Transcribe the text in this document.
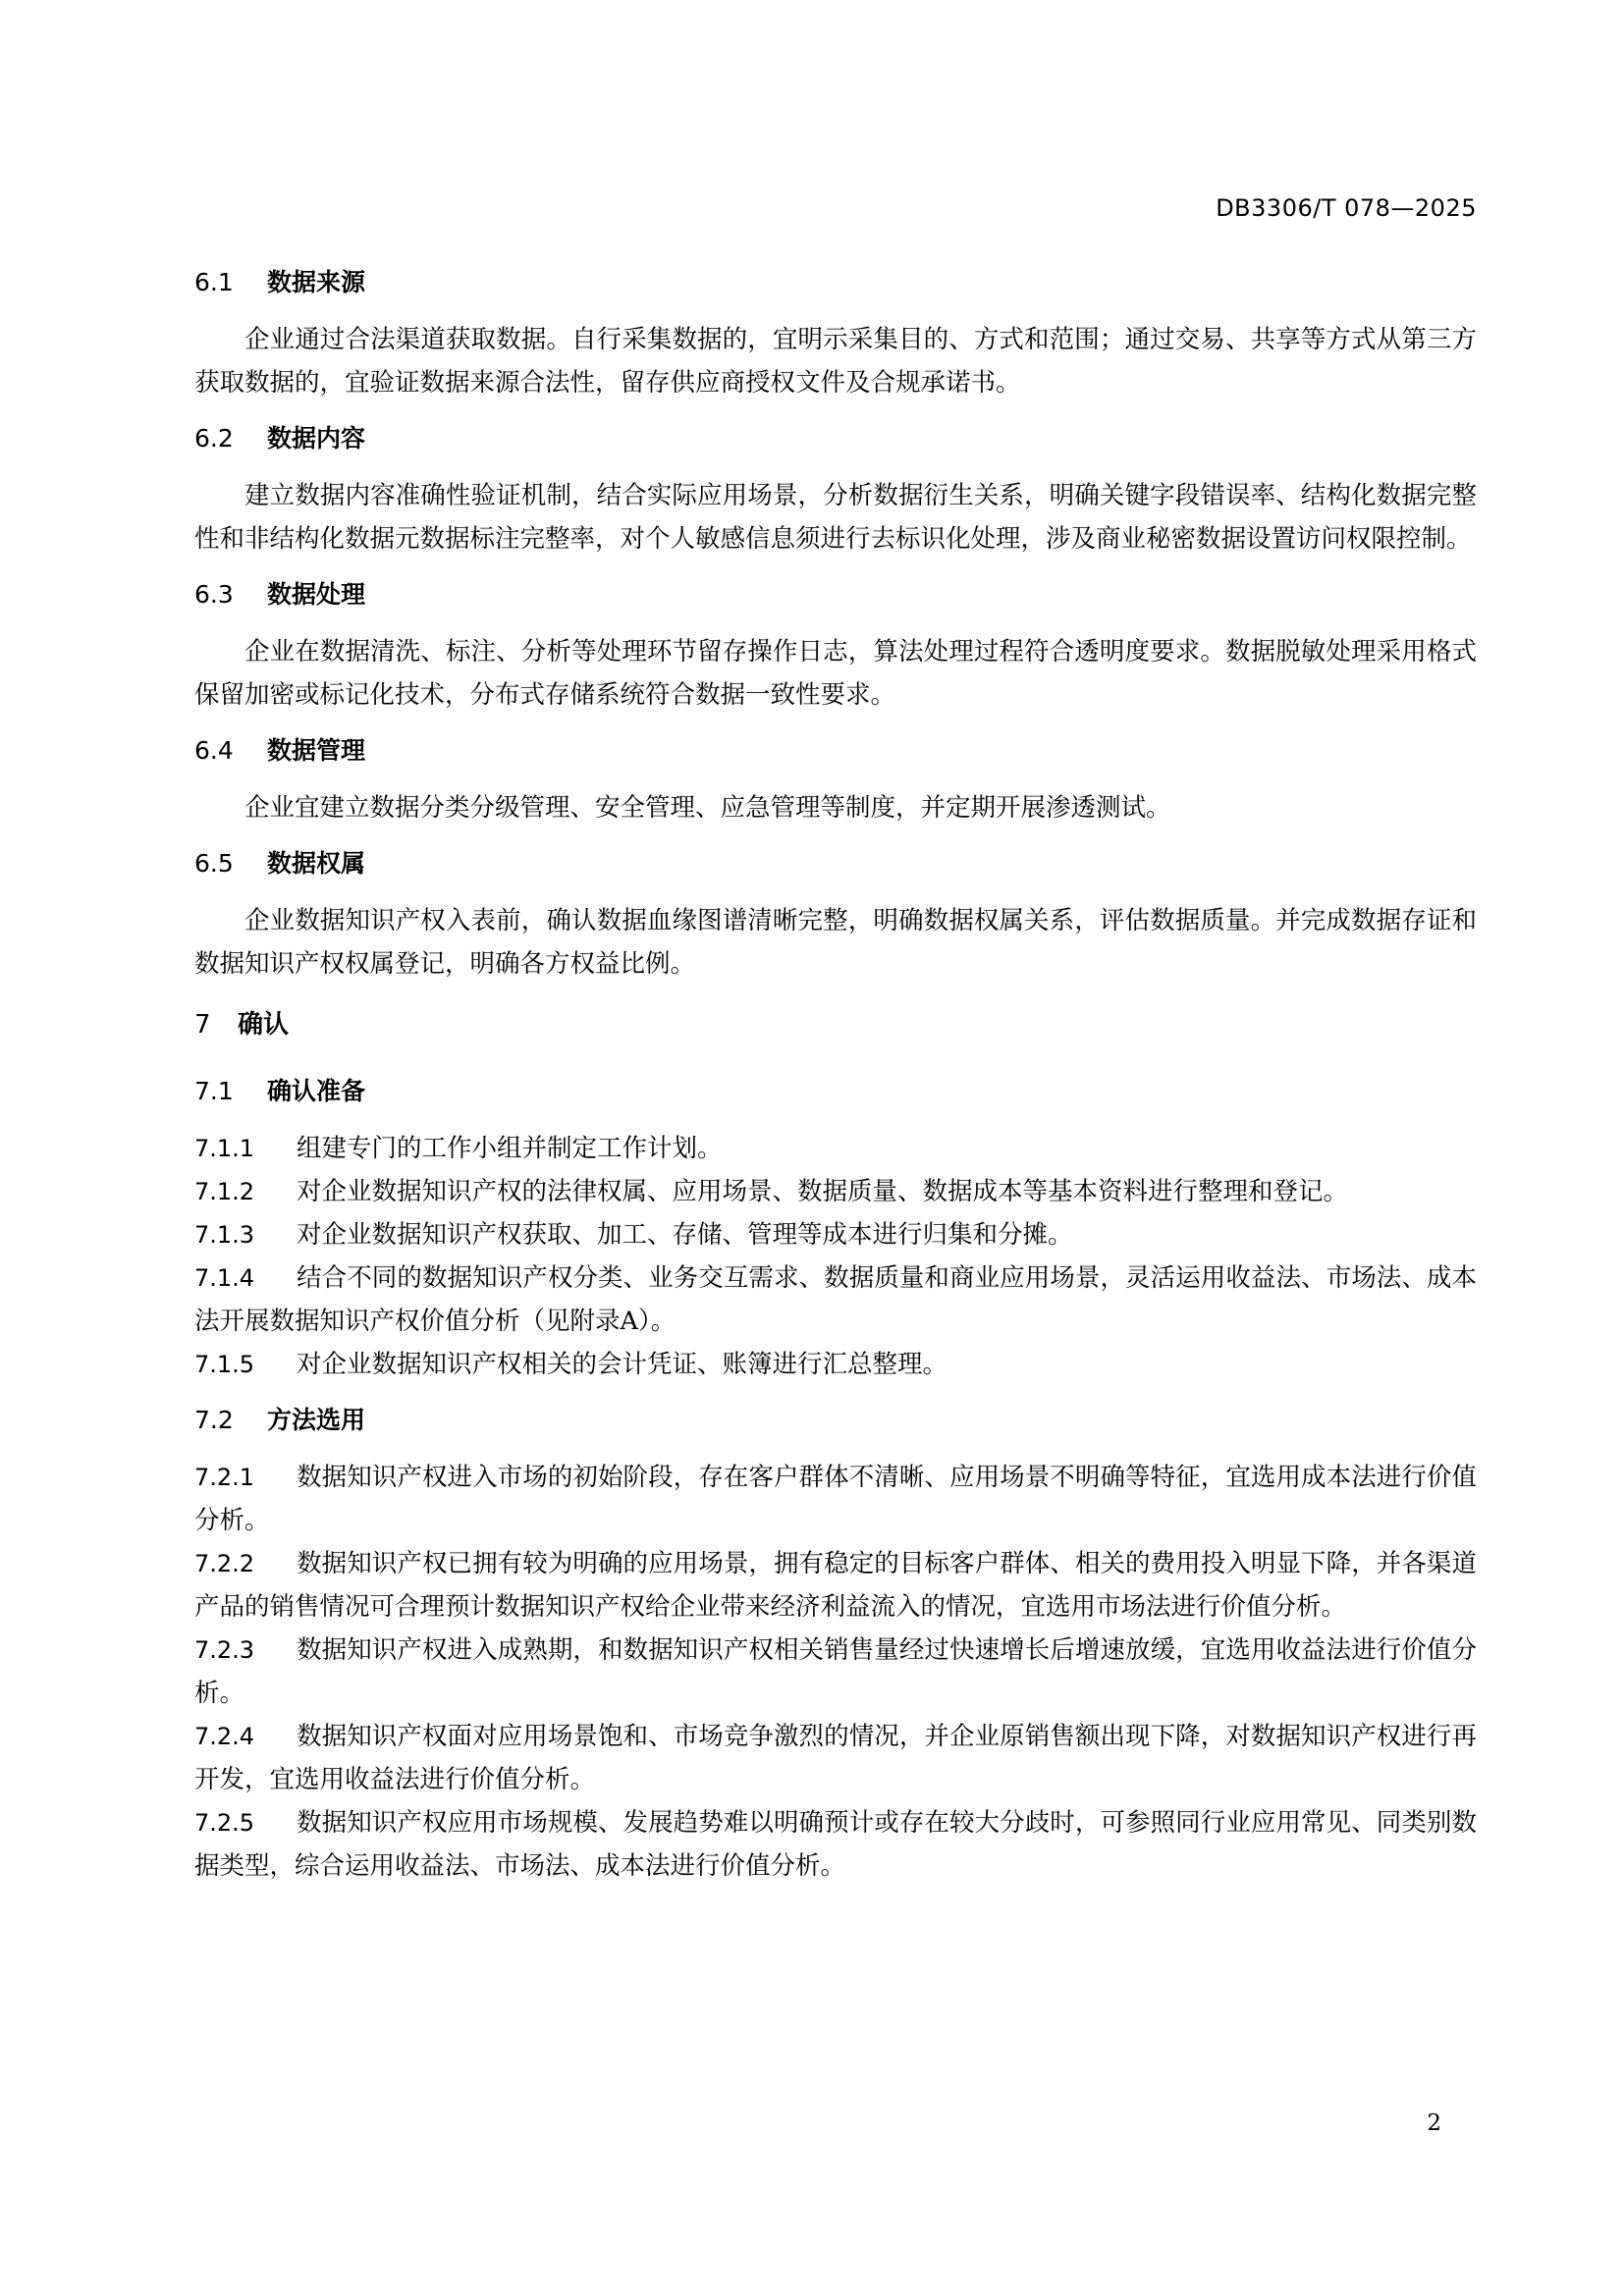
DB3306/T 078—2025
6.1 数据来源
企业通过合法渠道获取数据。自行采集数据的，宜明示采集目的、方式和范围；通过交易、共享等方式从第三方获取数据的，宜验证数据来源合法性，留存供应商授权文件及合规承诺书。
6.2 数据内容
建立数据内容准确性验证机制，结合实际应用场景，分析数据衍生关系，明确关键字段错误率、结构化数据完整性和非结构化数据元数据标注完整率，对个人敏感信息须进行去标识化处理，涉及商业秘密数据设置访问权限控制。
6.3 数据处理
企业在数据清洗、标注、分析等处理环节留存操作日志，算法处理过程符合透明度要求。数据脱敏处理采用格式保留加密或标记化技术，分布式存储系统符合数据一致性要求。
6.4 数据管理
企业宜建立数据分类分级管理、安全管理、应急管理等制度，并定期开展渗透测试。
6.5 数据权属
企业数据知识产权入表前，确认数据血缘图谱清晰完整，明确数据权属关系，评估数据质量。并完成数据存证和数据知识产权权属登记，明确各方权益比例。
7 确认
7.1 确认准备
7.1.1 组建专门的工作小组并制定工作计划。
7.1.2 对企业数据知识产权的法律权属、应用场景、数据质量、数据成本等基本资料进行整理和登记。
7.1.3 对企业数据知识产权获取、加工、存储、管理等成本进行归集和分摊。
7.1.4 结合不同的数据知识产权分类、业务交互需求、数据质量和商业应用场景，灵活运用收益法、市场法、成本法开展数据知识产权价值分析（见附录A）。
7.1.5 对企业数据知识产权相关的会计凭证、账簿进行汇总整理。
7.2 方法选用
7.2.1 数据知识产权进入市场的初始阶段，存在客户群体不清晰、应用场景不明确等特征，宜选用成本法进行价值分析。
7.2.2 数据知识产权已拥有较为明确的应用场景，拥有稳定的目标客户群体、相关的费用投入明显下降，并各渠道产品的销售情况可合理预计数据知识产权给企业带来经济利益流入的情况，宜选用市场法进行价值分析。
7.2.3 数据知识产权进入成熟期，和数据知识产权相关销售量经过快速增长后增速放缓，宜选用收益法进行价值分析。
7.2.4 数据知识产权面对应用场景饱和、市场竞争激烈的情况，并企业原销售额出现下降，对数据知识产权进行再开发，宜选用收益法进行价值分析。
7.2.5 数据知识产权应用市场规模、发展趋势难以明确预计或存在较大分歧时，可参照同行业应用常见、同类别数据类型，综合运用收益法、市场法、成本法进行价值分析。
2
